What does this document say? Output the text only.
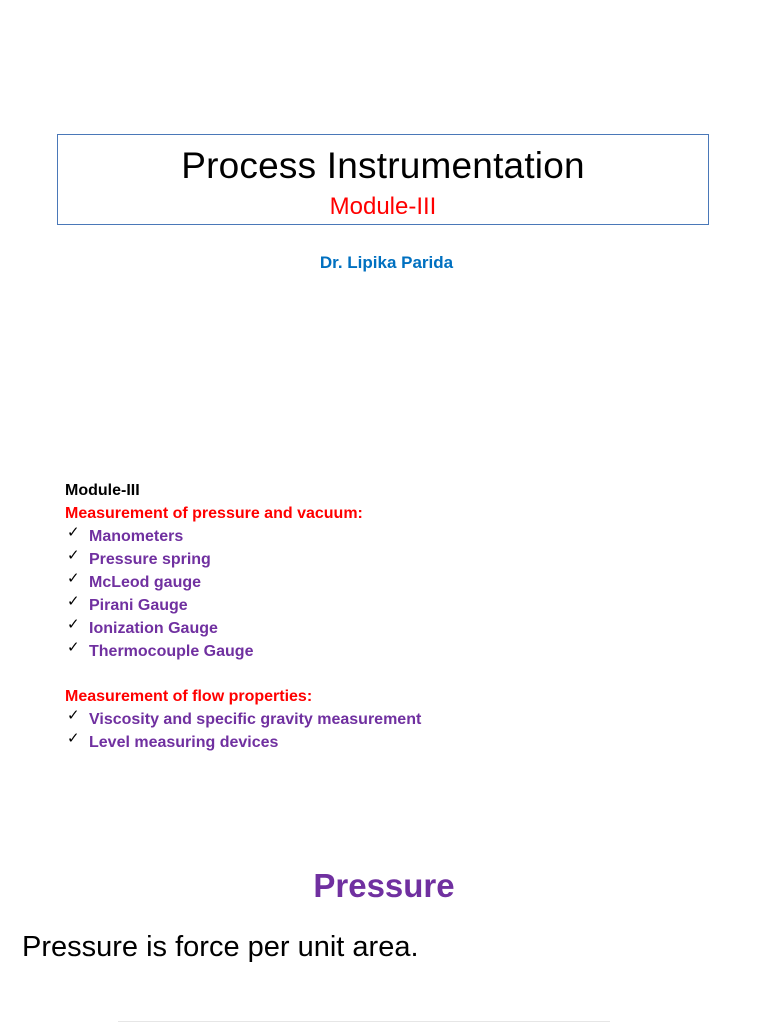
Process Instrumentation
Module-III
Dr. Lipika Parida
Module-III
Measurement of pressure and vacuum:
✓ Manometers
✓ Pressure spring
✓ McLeod gauge
✓ Pirani Gauge
✓ Ionization Gauge
✓ Thermocouple Gauge
Measurement of flow properties:
✓ Viscosity and specific gravity measurement
✓ Level measuring devices
Pressure
Pressure is force per unit area.
